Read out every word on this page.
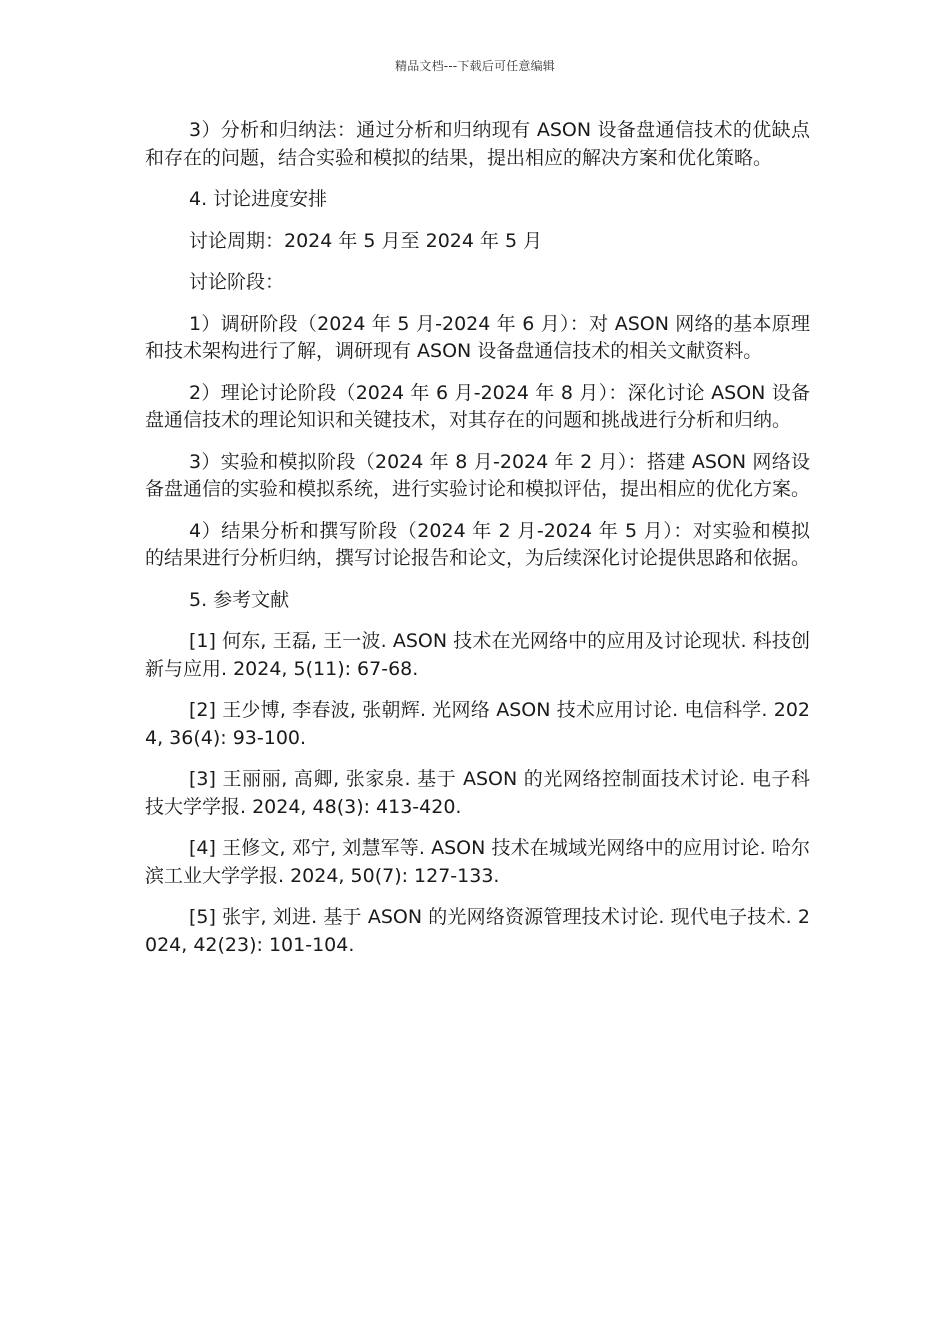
精品文档---下载后可任意编辑

3）分析和归纳法：通过分析和归纳现有 ASON 设备盘通信技术的优缺点和存在的问题，结合实验和模拟的结果，提出相应的解决方案和优化策略。

4. 讨论进度安排

讨论周期：2024 年 5 月至 2024 年 5 月

讨论阶段：

1）调研阶段（2024 年 5 月-2024 年 6 月）：对 ASON 网络的基本原理和技术架构进行了解，调研现有 ASON 设备盘通信技术的相关文献资料。

2）理论讨论阶段（2024 年 6 月-2024 年 8 月）：深化讨论 ASON 设备盘通信技术的理论知识和关键技术，对其存在的问题和挑战进行分析和归纳。

3）实验和模拟阶段（2024 年 8 月-2024 年 2 月）：搭建 ASON 网络设备盘通信的实验和模拟系统，进行实验讨论和模拟评估，提出相应的优化方案。

4）结果分析和撰写阶段（2024 年 2 月-2024 年 5 月）：对实验和模拟的结果进行分析归纳，撰写讨论报告和论文，为后续深化讨论提供思路和依据。

5. 参考文献

[1] 何东, 王磊, 王一波. ASON 技术在光网络中的应用及讨论现状. 科技创新与应用. 2024, 5(11): 67-68.

[2] 王少博, 李春波, 张朝辉. 光网络 ASON 技术应用讨论. 电信科学. 2024, 36(4): 93-100.

[3] 王丽丽, 高卿, 张家泉. 基于 ASON 的光网络控制面技术讨论. 电子科技大学学报. 2024, 48(3): 413-420.

[4] 王修文, 邓宁, 刘慧军等. ASON 技术在城域光网络中的应用讨论. 哈尔滨工业大学学报. 2024, 50(7): 127-133.

[5] 张宇, 刘进. 基于 ASON 的光网络资源管理技术讨论. 现代电子技术. 2024, 42(23): 101-104.
